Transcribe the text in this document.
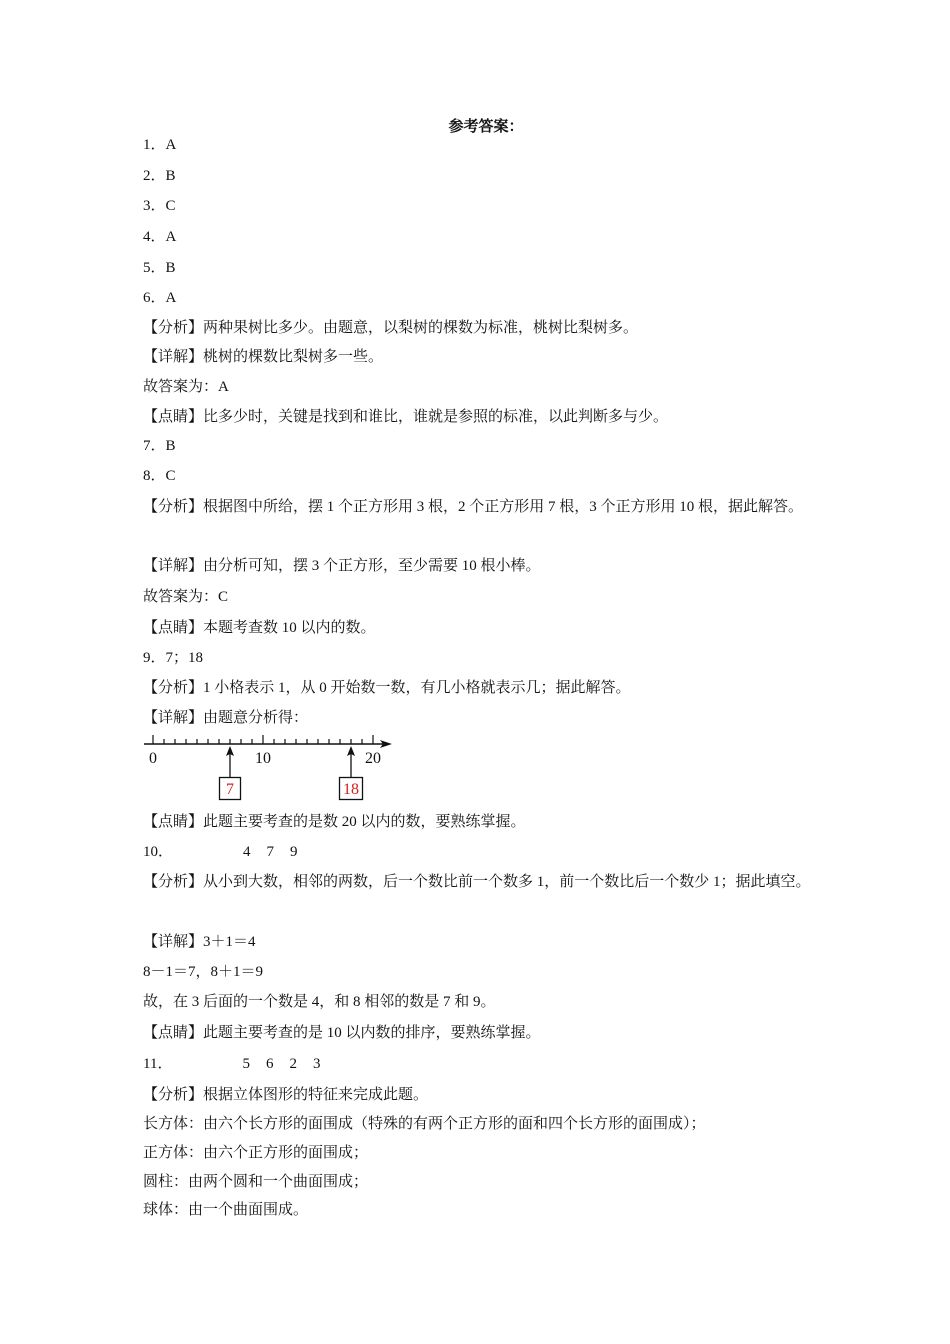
参考答案：
1．A
2．B
3．C
4．A
5．B
6．A
【分析】两种果树比多少。由题意，以梨树的棵数为标准，桃树比梨树多。
【详解】桃树的棵数比梨树多一些。
故答案为：A
【点睛】比多少时，关键是找到和谁比，谁就是参照的标准，以此判断多与少。
7．B
8．C
【分析】根据图中所给，摆 1 个正方形用 3 根，2 个正方形用 7 根，3 个正方形用 10 根，据此解答。
【详解】由分析可知，摆 3 个正方形，至少需要 10 根小棒。
故答案为：C
【点睛】本题考查数 10 以内的数。
9．7；18
【分析】1 小格表示 1，从 0 开始数一数，有几小格就表示几；据此解答。
【详解】由题意分析得：
0	10	20
7	18
【点睛】此题主要考查的是数 20 以内的数，要熟练掌握。
10．	4 7 9
【分析】从小到大数，相邻的两数，后一个数比前一个数多 1，前一个数比后一个数少 1；据此填空。
【详解】3＋1＝4
8－1＝7，8＋1＝9
故，在 3 后面的一个数是 4，和 8 相邻的数是 7 和 9。
【点睛】此题主要考查的是 10 以内数的排序，要熟练掌握。
11．	5 6 2 3
【分析】根据立体图形的特征来完成此题。
长方体：由六个长方形的面围成（特殊的有两个正方形的面和四个长方形的面围成）；
正方体：由六个正方形的面围成；
圆柱：由两个圆和一个曲面围成；
球体：由一个曲面围成。
